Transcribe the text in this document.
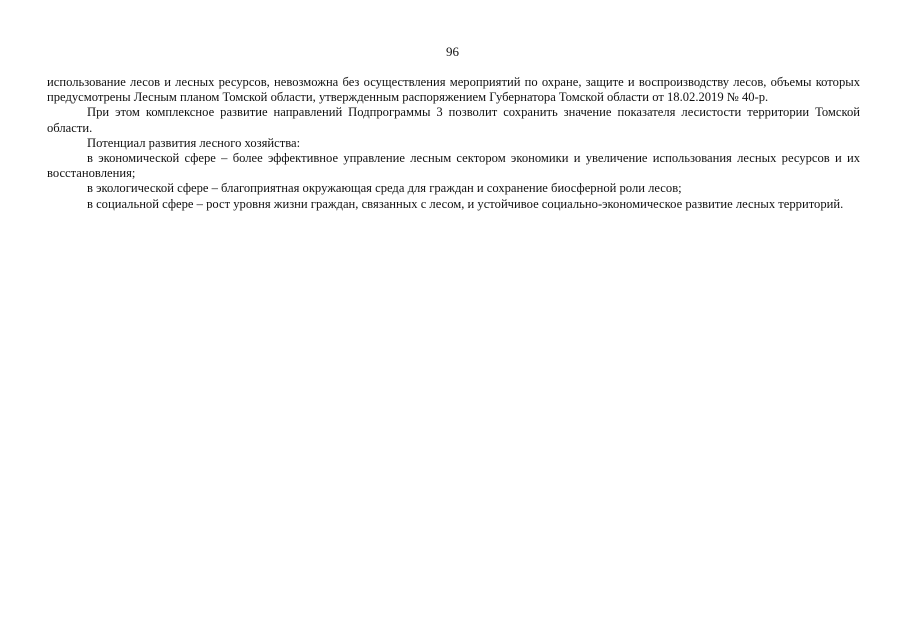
96

использование лесов и лесных ресурсов, невозможна без осуществления мероприятий по охране, защите и воспроизводству лесов, объемы которых предусмотрены Лесным планом Томской области, утвержденным распоряжением Губернатора Томской области от 18.02.2019 № 40-р.

При этом комплексное развитие направлений Подпрограммы 3 позволит сохранить значение показателя лесистости территории Томской области.

Потенциал развития лесного хозяйства:

в экономической сфере – более эффективное управление лесным сектором экономики и увеличение использования лесных ресурсов и их восстановления;

в экологической сфере – благоприятная окружающая среда для граждан и сохранение биосферной роли лесов;

в социальной сфере – рост уровня жизни граждан, связанных с лесом, и устойчивое социально-экономическое развитие лесных территорий.
